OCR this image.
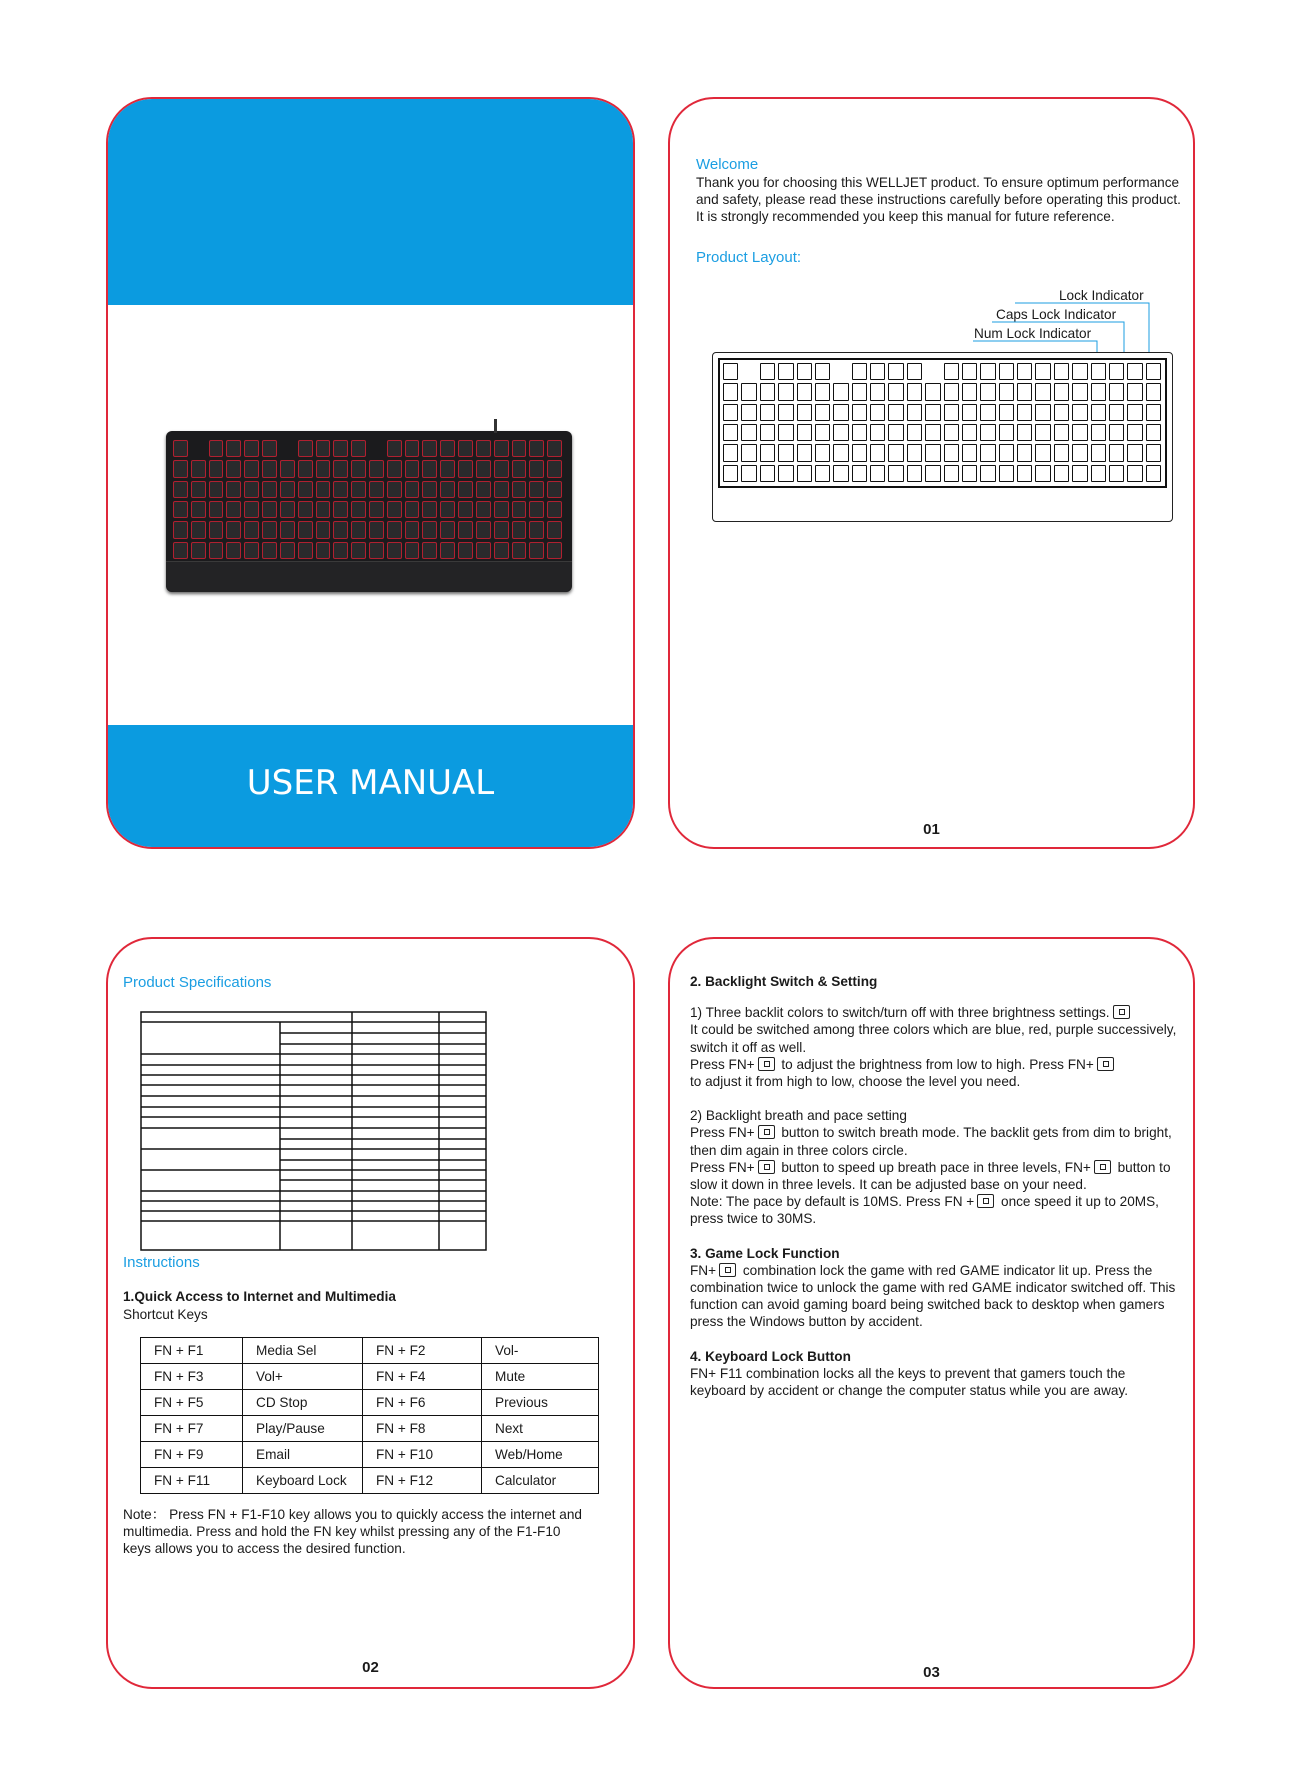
USER MANUAL
Welcome
Thank you for choosing this WELLJET product. To ensure optimum performance and safety, please read these instructions carefully before operating this product. It is strongly recommended you keep this manual for future reference.
Product Layout:
Lock Indicator
Caps Lock Indicator
Num Lock Indicator
01
Product Specifications
Instructions
1.Quick Access to Internet and Multimedia
Shortcut Keys
FN + F1	Media Sel	FN + F2	Vol-
FN + F3	Vol+	FN + F4	Mute
FN + F5	CD Stop	FN + F6	Previous
FN + F7	Play/Pause	FN + F8	Next
FN + F9	Email	FN + F10	Web/Home
FN + F11	Keyboard Lock	FN + F12	Calculator
Note： Press FN + F1-F10 key allows you to quickly access the internet and multimedia. Press and hold the FN key whilst pressing any of the F1-F10 keys allows you to access the desired function.
02
2. Backlight Switch & Setting

1) Three backlit colors to switch/turn off with three brightness settings.
It could be switched among three colors which are blue, red, purple successively, switch it off as well.
Press FN+ to adjust the brightness from low to high. Press FN+
to adjust it from high to low, choose the level you need.

2) Backlight breath and pace setting
Press FN+ button to switch breath mode. The backlit gets from dim to bright, then dim again in three colors circle.
Press FN+ button to speed up breath pace in three levels, FN+ button to slow it down in three levels. It can be adjusted base on your need.
Note: The pace by default is 10MS. Press FN + once speed it up to 20MS, press twice to 30MS.

3. Game Lock Function

FN+ combination lock the game with red GAME indicator lit up. Press the combination twice to unlock the game with red GAME indicator switched off. This function can avoid gaming board being switched back to desktop when gamers press the Windows button by accident.

4. Keyboard Lock Button

FN+ F11 combination locks all the keys to prevent that gamers touch the keyboard by accident or change the computer status while you are away.

03
